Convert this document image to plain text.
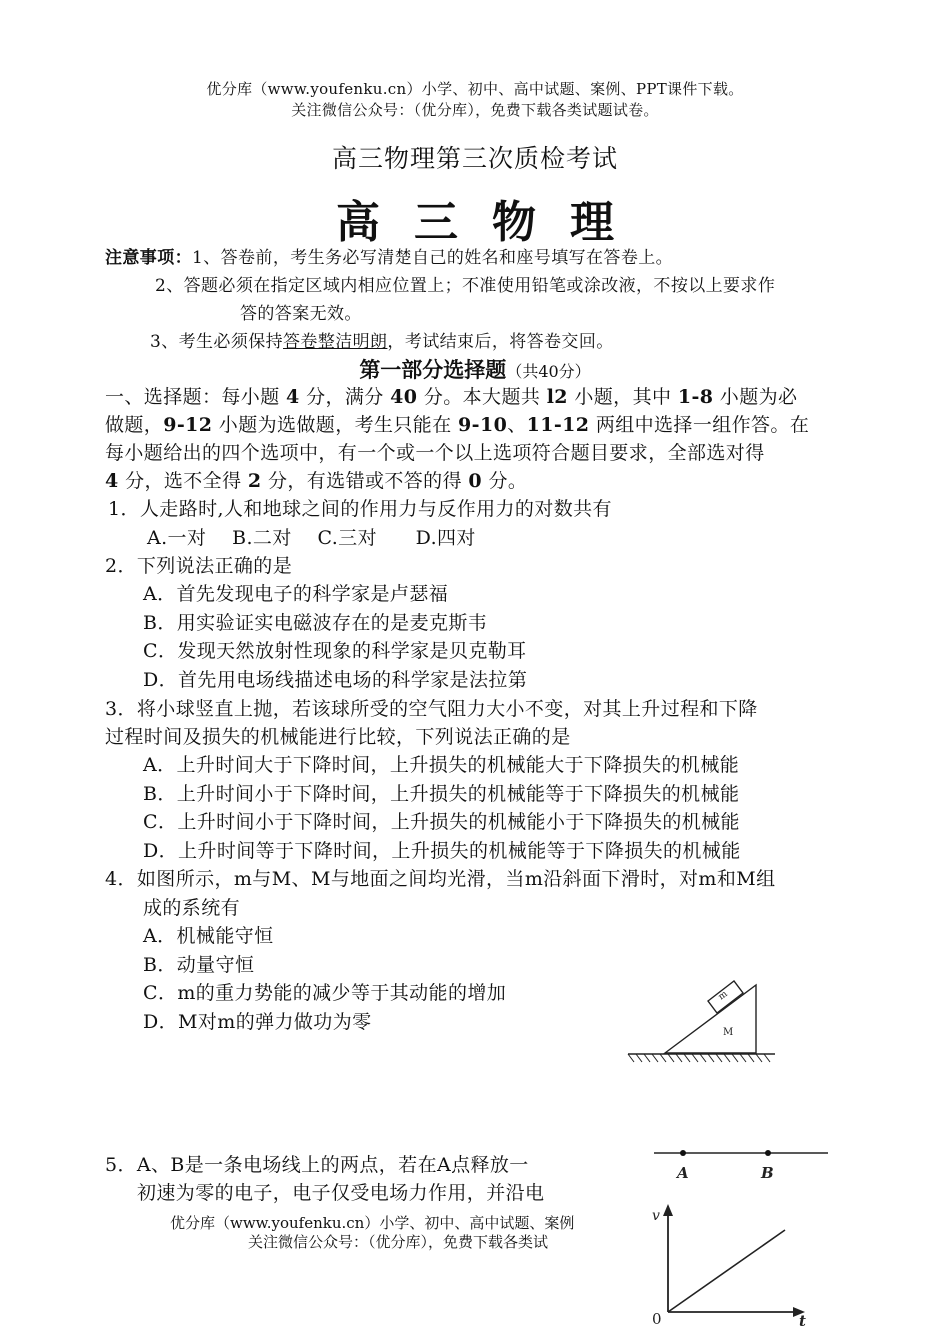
优分库（www.youfenku.cn）小学、初中、高中试题、案例、PPT课件下载。
关注微信公众号：（优分库），免费下载各类试题试卷。
高三物理第三次质检考试
高三物理
注意事项：1、答卷前，考生务必写清楚自己的姓名和座号填写在答卷上。
2、答题必须在指定区域内相应位置上；不准使用铅笔或涂改液，不按以上要求作
答的答案无效。
3、考生必须保持答卷整洁明朗，考试结束后，将答卷交回。
第一部分选择题（共40分）
一、选择题：每小题 4 分，满分 40 分。本大题共 l2 小题，其中 1-8 小题为必
做题，9-12 小题为选做题，考生只能在 9-10、11-12 两组中选择一组作答。在
每小题给出的四个选项中，有一个或一个以上选项符合题目要求，全部选对得
4 分，选不全得 2 分，有选错或不答的得 0 分。
1．人走路时,人和地球之间的作用力与反作用力的对数共有
A.一对    B.二对    C.三对      D.四对
2．下列说法正确的是
A．首先发现电子的科学家是卢瑟福
B．用实验证实电磁波存在的是麦克斯韦
C．发现天然放射性现象的科学家是贝克勒耳
D．首先用电场线描述电场的科学家是法拉第
3．将小球竖直上抛，若该球所受的空气阻力大小不变，对其上升过程和下降
过程时间及损失的机械能进行比较，下列说法正确的是
A．上升时间大于下降时间，上升损失的机械能大于下降损失的机械能
B．上升时间小于下降时间，上升损失的机械能等于下降损失的机械能
C．上升时间小于下降时间，上升损失的机械能小于下降损失的机械能
D．上升时间等于下降时间，上升损失的机械能等于下降损失的机械能
4．如图所示，m与M、M与地面之间均光滑，当m沿斜面下滑时，对m和M组
成的系统有
A．机械能守恒
B．动量守恒
C．m的重力势能的减少等于其动能的增加
D．M对m的弹力做功为零
m
M
5．A、B是一条电场线上的两点，若在A点释放一
初速为零的电子，电子仅受电场力作用，并沿电
A	B
v
t
0
优分库（www.youfenku.cn）小学、初中、高中试题、案例
关注微信公众号：（优分库），免费下载各类试
